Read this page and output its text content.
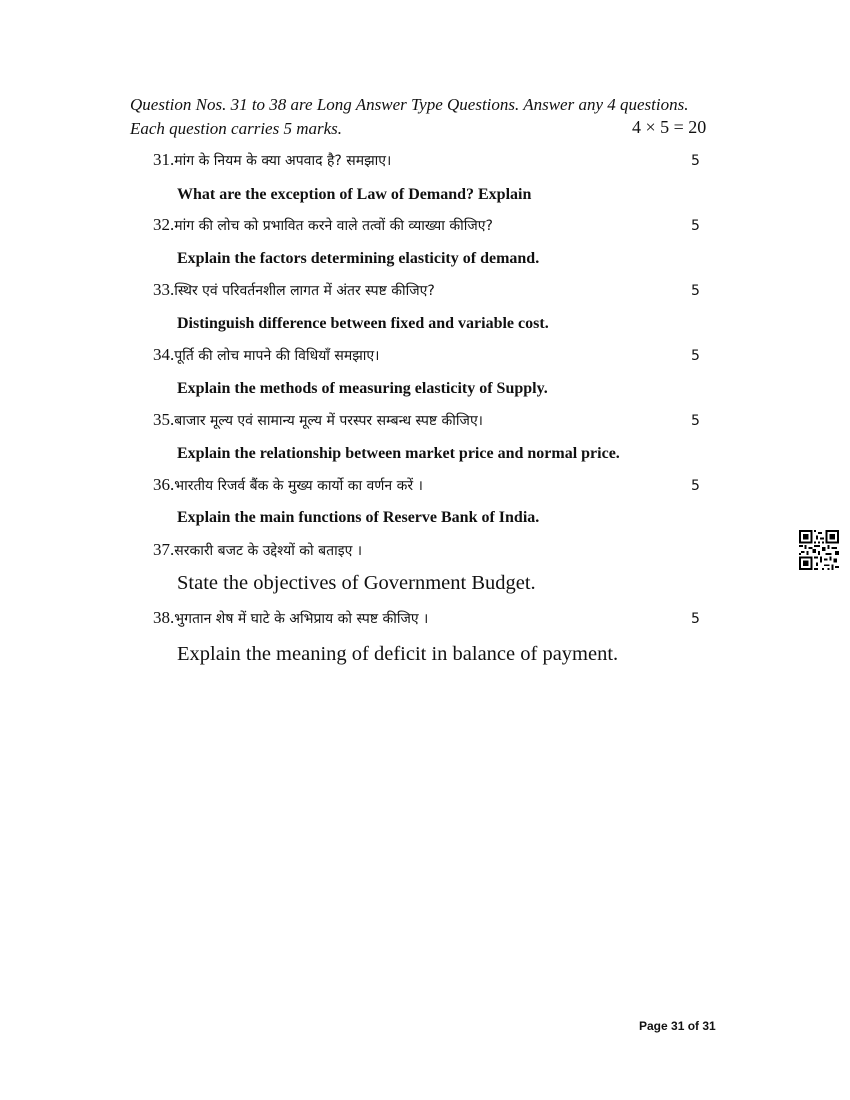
Question Nos. 31 to 38 are Long Answer Type Questions. Answer any 4 questions.
Each question carries 5 marks.	4 × 5 = 20
31.मांग के नियम के क्या अपवाद है? समझाए।	5
What are the exception of Law of Demand? Explain
32.मांग की लोच को प्रभावित करने वाले तत्वों की व्याख्या कीजिए?	5
Explain the factors determining elasticity of demand.
33.स्थिर एवं परिवर्तनशील लागत में अंतर स्पष्ट कीजिए?	5
Distinguish difference between fixed and variable cost.
34.पूर्ति की लोच मापने की विधियाँ समझाए।	5
Explain the methods of measuring elasticity of Supply.
35.बाजार मूल्य एवं सामान्य मूल्य में परस्पर सम्बन्ध स्पष्ट कीजिए।	5
Explain the relationship between market price and normal price.
36.भारतीय रिजर्व बैंक के मुख्य कार्यो का वर्णन करें ।	5
Explain the main functions of Reserve Bank of India.
37.सरकारी बजट के उद्देश्यों को बताइए ।
State the objectives of Government Budget.
38.भुगतान शेष में घाटे के अभिप्राय को स्पष्ट कीजिए ।	5
Explain the meaning of deficit in balance of payment.
Page 31 of 31
